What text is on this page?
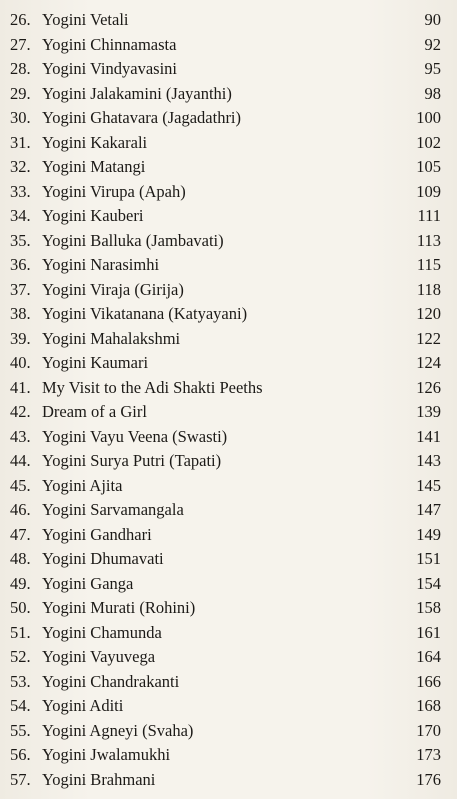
26. Yogini Vetali	90
27. Yogini Chinnamasta	92
28. Yogini Vindyavasini	95
29. Yogini Jalakamini (Jayanthi)	98
30. Yogini Ghatavara (Jagadathri)	100
31. Yogini Kakarali	102
32. Yogini Matangi	105
33. Yogini Virupa (Apah)	109
34. Yogini Kauberi	111
35. Yogini Balluka (Jambavati)	113
36. Yogini Narasimhi	115
37. Yogini Viraja (Girija)	118
38. Yogini Vikatanana (Katyayani)	120
39. Yogini Mahalakshmi	122
40. Yogini Kaumari	124
41. My Visit to the Adi Shakti Peeths	126
42. Dream of a Girl	139
43. Yogini Vayu Veena (Swasti)	141
44. Yogini Surya Putri (Tapati)	143
45. Yogini Ajita	145
46. Yogini Sarvamangala	147
47. Yogini Gandhari	149
48. Yogini Dhumavati	151
49. Yogini Ganga	154
50. Yogini Murati (Rohini)	158
51. Yogini Chamunda	161
52. Yogini Vayuvega	164
53. Yogini Chandrakanti	166
54. Yogini Aditi	168
55. Yogini Agneyi (Svaha)	170
56. Yogini Jwalamukhi	173
57. Yogini Brahmani	176
